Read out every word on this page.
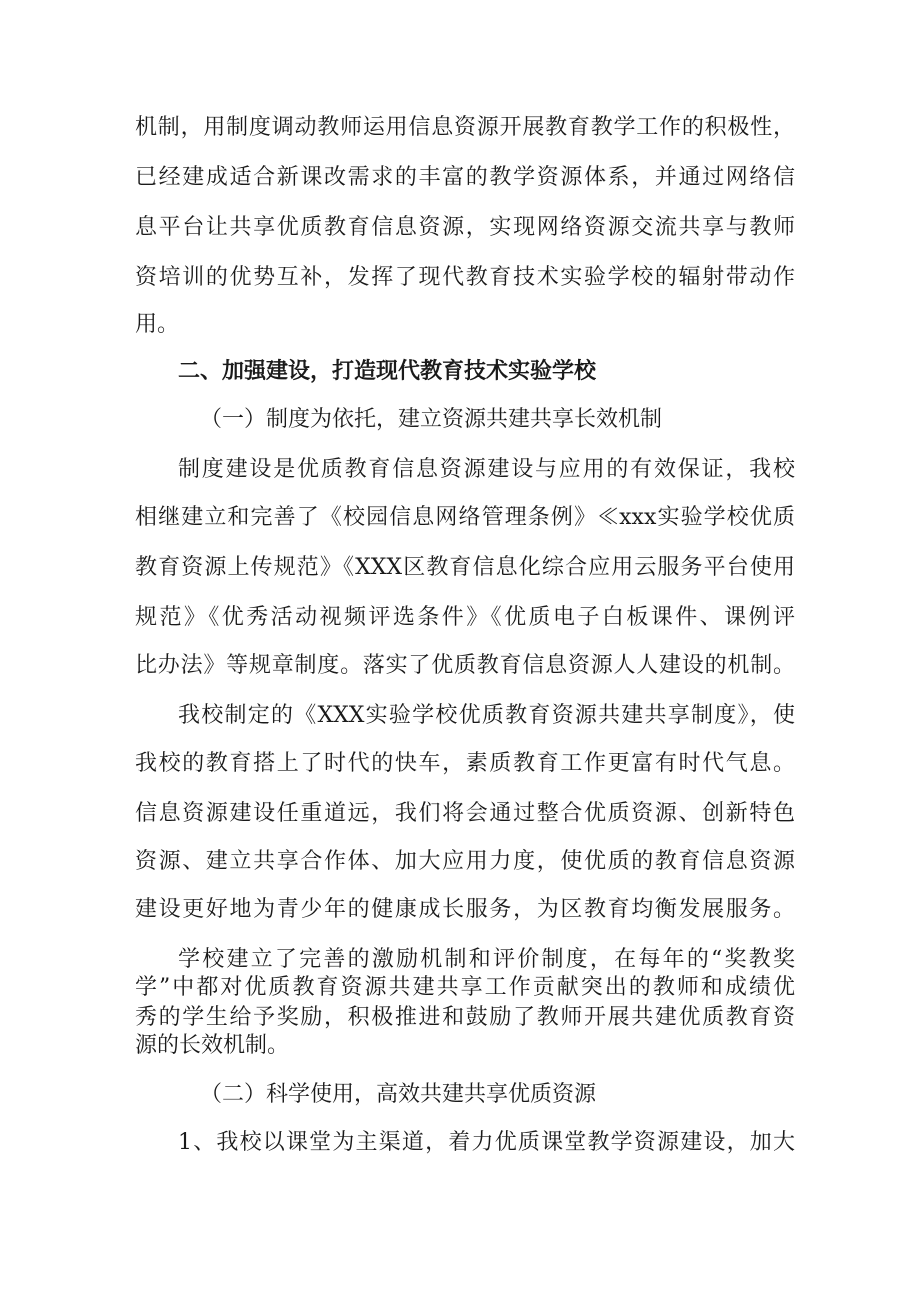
机制，用制度调动教师运用信息资源开展教育教学工作的积极性，
已经建成适合新课改需求的丰富的教学资源体系，并通过网络信
息平台让共享优质教育信息资源，实现网络资源交流共享与教师
资培训的优势互补，发挥了现代教育技术实验学校的辐射带动作
用。
二、加强建设，打造现代教育技术实验学校
（一）制度为依托，建立资源共建共享长效机制
制度建设是优质教育信息资源建设与应用的有效保证，我校
相继建立和完善了《校园信息网络管理条例》≪xxx实验学校优质
教育资源上传规范》《XXX区教育信息化综合应用云服务平台使用
规范》《优秀活动视频评选条件》《优质电子白板课件、课例评
比办法》等规章制度。落实了优质教育信息资源人人建设的机制。
我校制定的《XXX实验学校优质教育资源共建共享制度》，使
我校的教育搭上了时代的快车，素质教育工作更富有时代气息。
信息资源建设任重道远，我们将会通过整合优质资源、创新特色
资源、建立共享合作体、加大应用力度，使优质的教育信息资源
建设更好地为青少年的健康成长服务，为区教育均衡发展服务。
学校建立了完善的激励机制和评价制度，在每年的“奖教奖
学”中都对优质教育资源共建共享工作贡献突出的教师和成绩优
秀的学生给予奖励，积极推进和鼓励了教师开展共建优质教育资
源的长效机制。
（二）科学使用，高效共建共享优质资源
1、我校以课堂为主渠道，着力优质课堂教学资源建设，加大
